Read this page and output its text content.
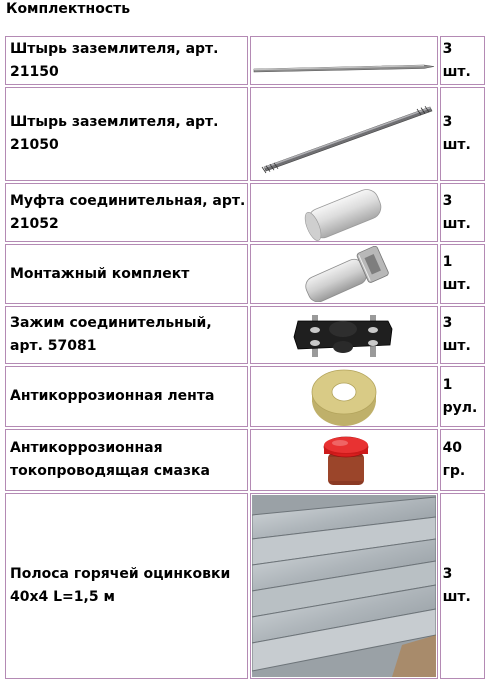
Комплектность
Штырь заземлителя, арт. 21150		3 шт.
Штырь заземлителя, арт. 21050		3 шт.
Муфта соединительная, арт. 21052		3 шт.
Монтажный комплект		1 шт.
Зажим соединительный, арт. 57081		3 шт.
Антикоррозионная лента		1 рул.
Антикоррозионная токопроводящая смазка		40 гр.
Полоса горячей оцинковки 40x4 L=1,5 м		3 шт.
